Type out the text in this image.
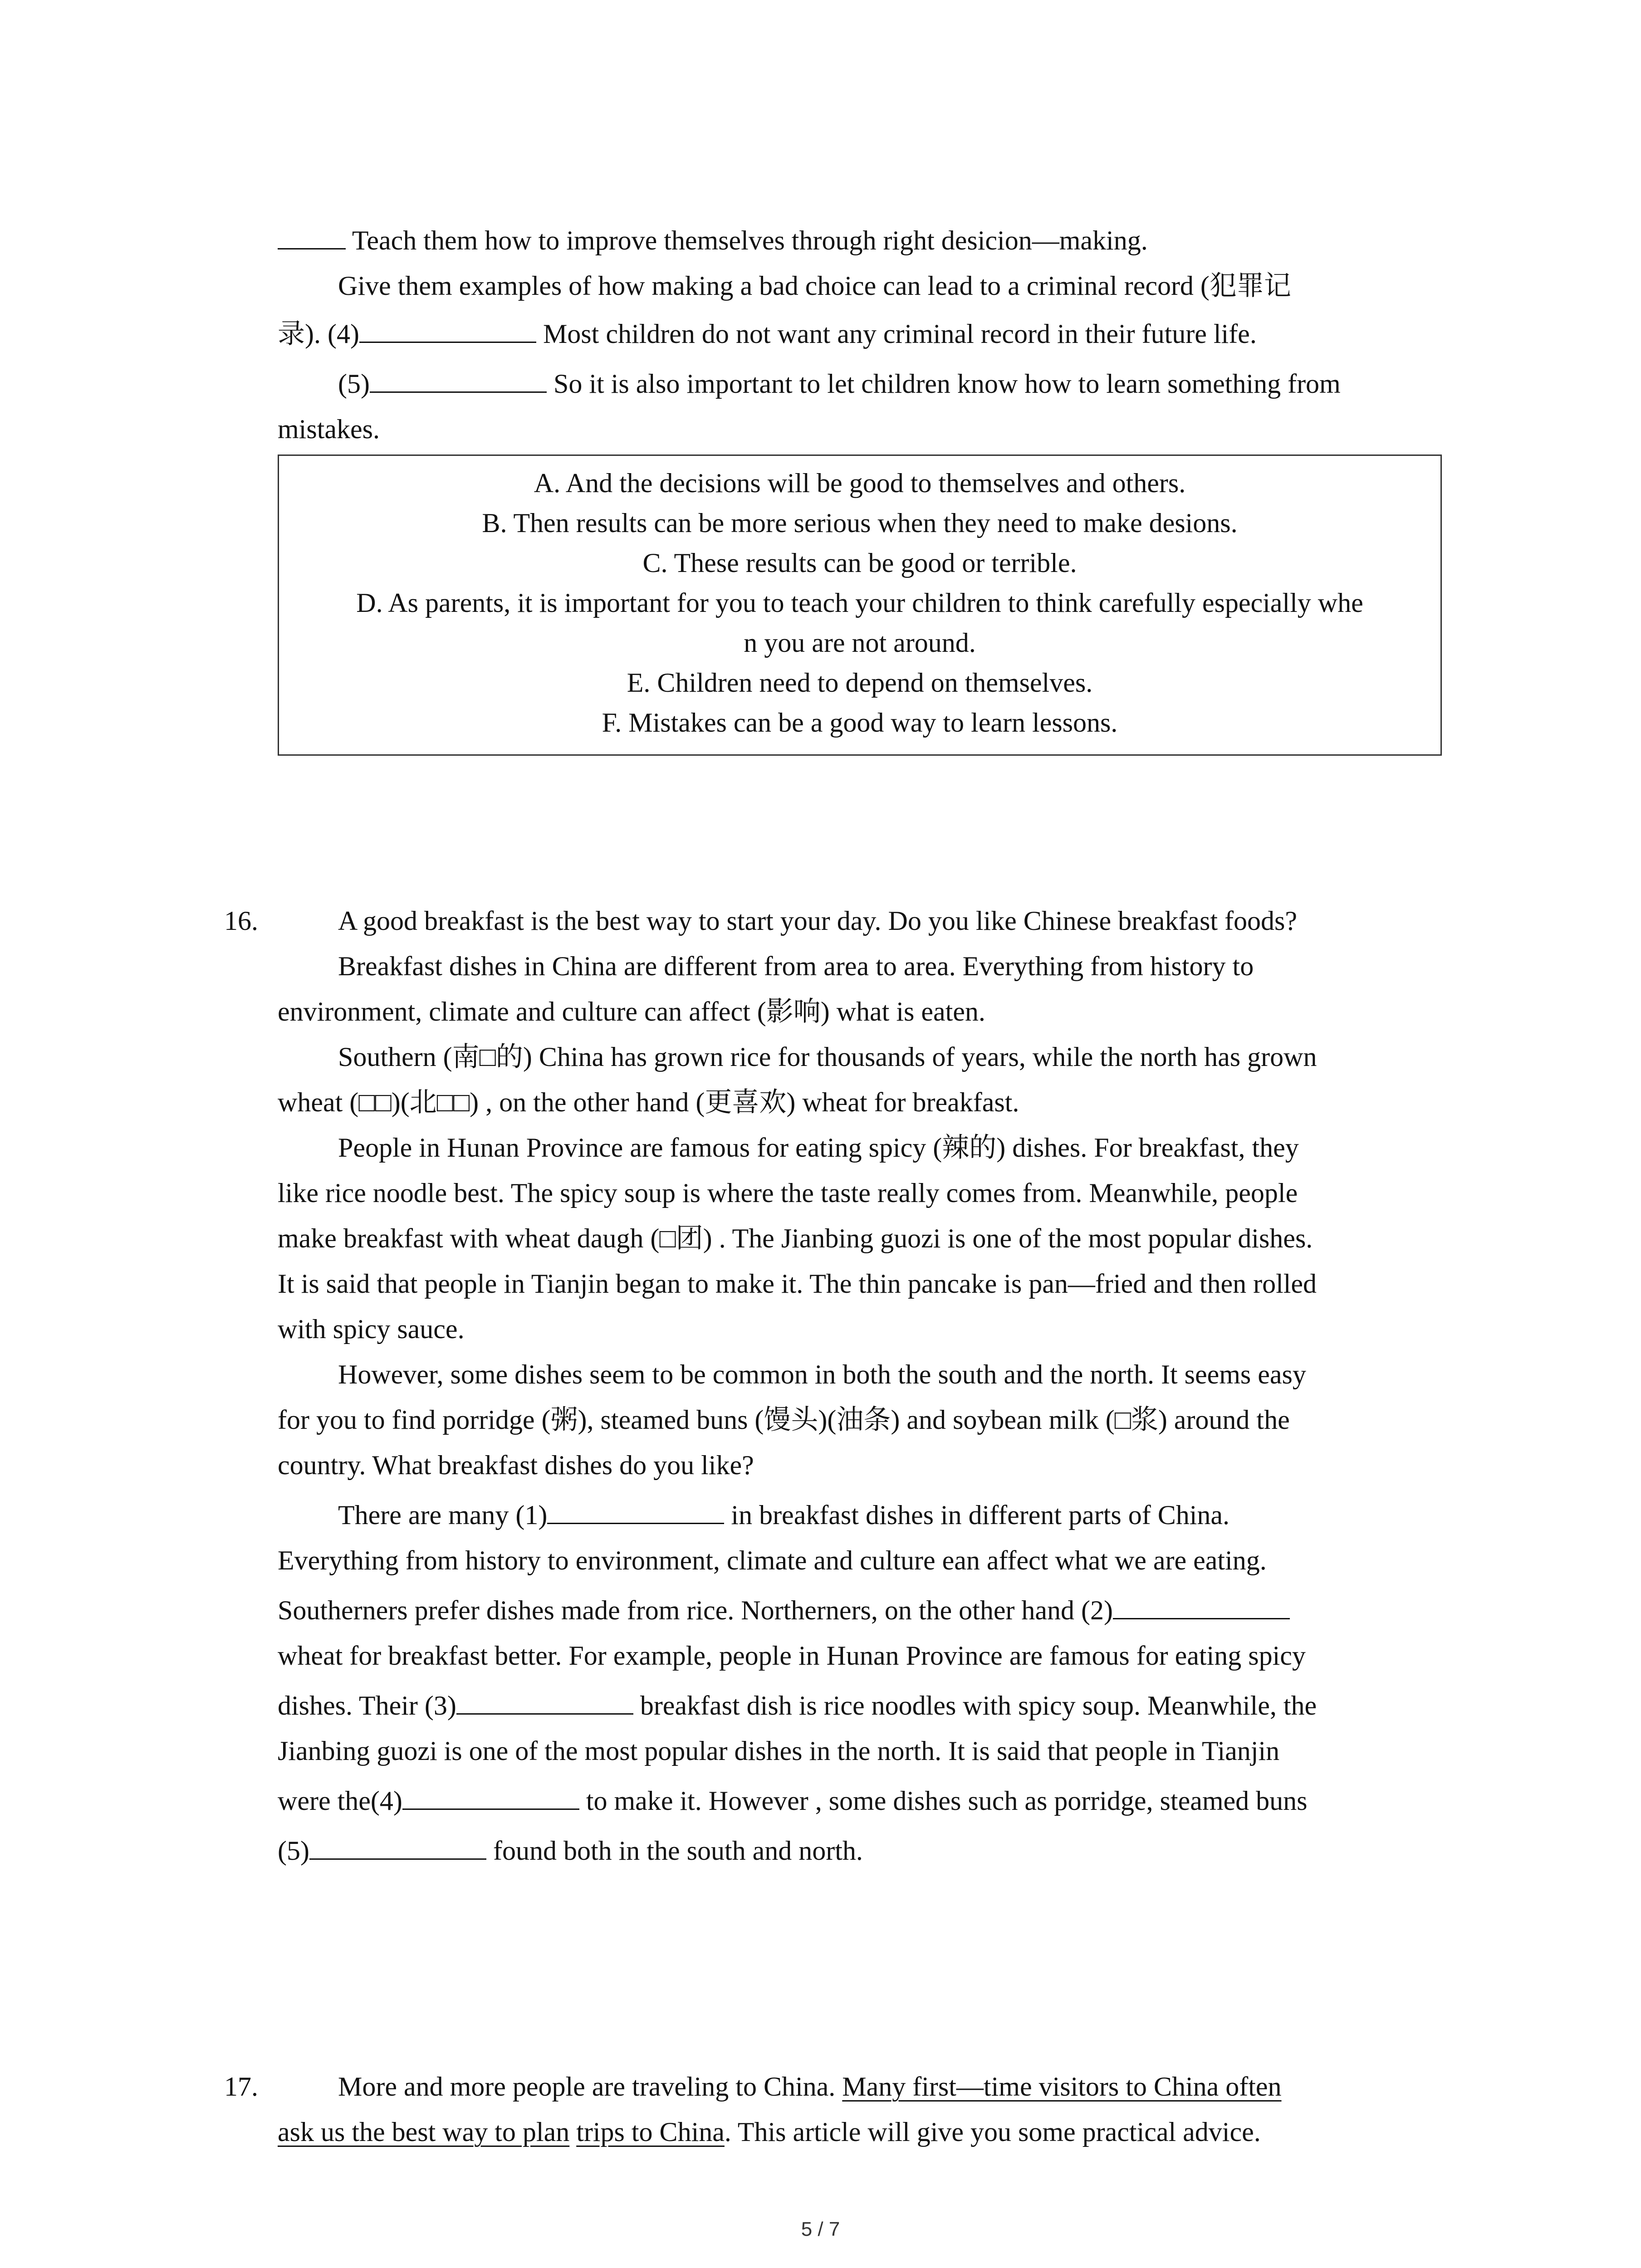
Teach them how to improve themselves through right desicion—making.
Give them examples of how making a bad choice can lead to a criminal record (犯罪记
录). (4)	Most children do not want any criminal record in their future life.
(5)	So it is also important to let children know how to learn something from
mistakes.
A. And the decisions will be good to themselves and others.
B. Then results can be more serious when they need to make desions.
C. These results can be good or terrible.
D. As parents, it is important for you to teach your children to think carefully especially whe
n you are not around.
E. Children need to depend on themselves.
F. Mistakes can be a good way to learn lessons.
16.	A good breakfast is the best way to start your day. Do you like Chinese breakfast foods?
Breakfast dishes in China are different from area to area. Everything from history to
environment, climate and culture can affect (影响) what is eaten.
Southern (南□的) China has grown rice for thousands of years, while the north has grown
wheat (□□)(北□□) , on the other hand (更喜欢) wheat for breakfast.
People in Hunan Province are famous for eating spicy (辣的) dishes. For breakfast, they
like rice noodle best. The spicy soup is where the taste really comes from. Meanwhile, people
make breakfast with wheat daugh (□团) . The Jianbing guozi is one of the most popular dishes.
It is said that people in Tianjin began to make it. The thin pancake is pan—fried and then rolled
with spicy sauce.
However, some dishes seem to be common in both the south and the north. It seems easy
for you to find porridge (粥), steamed buns (馒头)(油条) and soybean milk (□浆) around the
country. What breakfast dishes do you like?
There are many (1)	in breakfast dishes in different parts of China.
Everything from history to environment, climate and culture ean affect what we are eating.
Southerners prefer dishes made from rice. Northerners, on the other hand (2)
wheat for breakfast better. For example, people in Hunan Province are famous for eating spicy
dishes. Their (3)	breakfast dish is rice noodles with spicy soup. Meanwhile, the
Jianbing guozi is one of the most popular dishes in the north. It is said that people in Tianjin
were the(4)	to make it. However , some dishes such as porridge, steamed buns
(5)	found both in the south and north.
17.	More and more people are traveling to China. Many first—time visitors to China often
ask us the best way to plan trips to China. This article will give you some practical advice.
5 / 7
